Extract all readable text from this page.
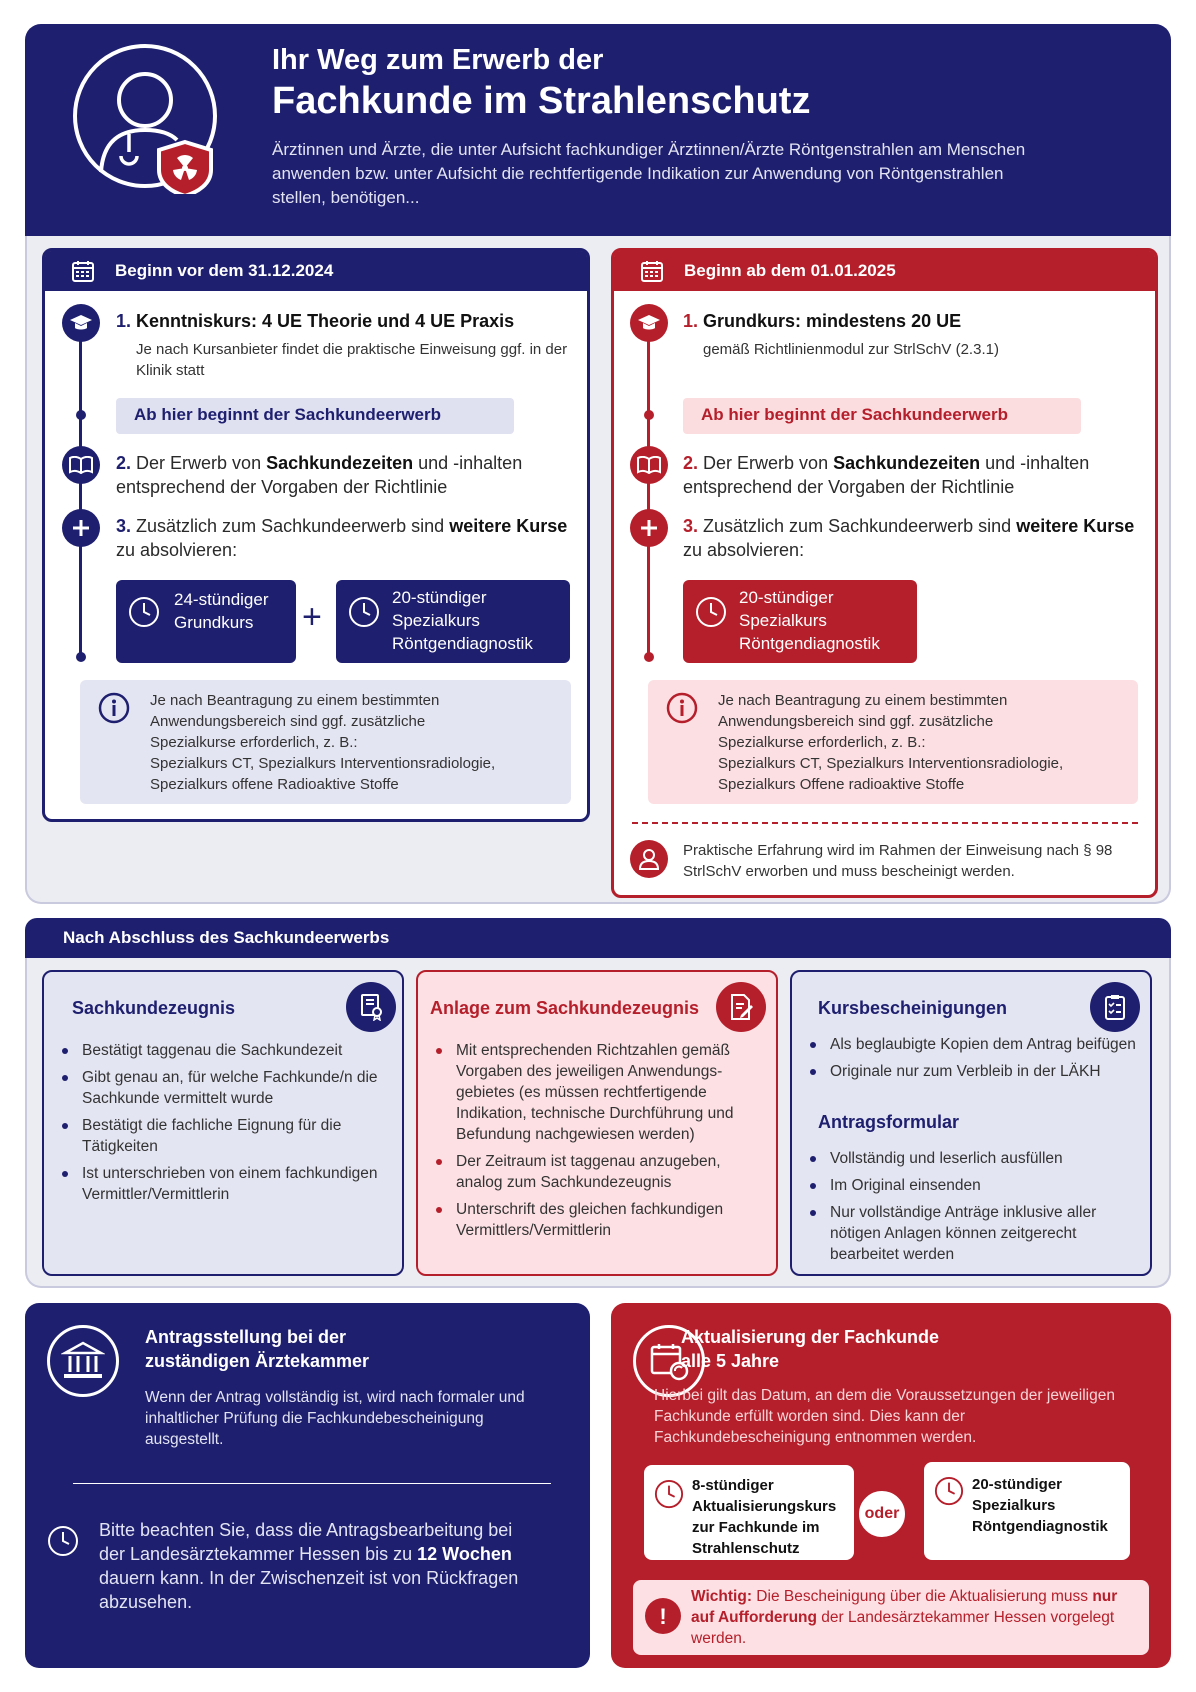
Ihr Weg zum Erwerb der
Fachkunde im Strahlenschutz
Ärztinnen und Ärzte, die unter Aufsicht fachkundiger Ärztinnen/Ärzte Röntgenstrahlen am Menschen anwenden bzw. unter Aufsicht die rechtfertigende Indikation zur Anwendung von Röntgenstrahlen stellen, benötigen...
Beginn vor dem 31.12.2024
1. Kenntniskurs: 4 UE Theorie und 4 UE Praxis
Je nach Kursanbieter findet die praktische Einweisung ggf. in der Klinik statt
Ab hier beginnt der Sachkundeerwerb
2. Der Erwerb von Sachkundezeiten und -inhalten entsprechend der Vorgaben der Richtlinie
3. Zusätzlich zum Sachkundeerwerb sind weitere Kurse zu absolvieren:
24-stündiger Grundkurs	+
20-stündiger Spezialkurs Röntgendiagnostik
Je nach Beantragung zu einem bestimmten
Anwendungsbereich sind ggf. zusätzliche
Spezialkurse erforderlich, z. B.:
Spezialkurs CT, Spezialkurs Interventionsradiologie,
Spezialkurs offene Radioaktive Stoffe
Beginn ab dem 01.01.2025
1. Grundkurs: mindestens 20 UE
gemäß Richtlinienmodul zur StrlSchV (2.3.1)
Ab hier beginnt der Sachkundeerwerb
2. Der Erwerb von Sachkundezeiten und -inhalten entsprechend der Vorgaben der Richtlinie
3. Zusätzlich zum Sachkundeerwerb sind weitere Kurse zu absolvieren:
20-stündiger Spezialkurs Röntgendiagnostik
Je nach Beantragung zu einem bestimmten
Anwendungsbereich sind ggf. zusätzliche
Spezialkurse erforderlich, z. B.:
Spezialkurs CT, Spezialkurs Interventionsradiologie,
Spezialkurs Offene radioaktive Stoffe
Praktische Erfahrung wird im Rahmen der Einweisung nach § 98 StrlSchV erworben und muss bescheinigt werden.
Nach Abschluss des Sachkundeerwerbs
Sachkundezeugnis
Bestätigt taggenau die Sachkundezeit
Gibt genau an, für welche Fachkunde/n die Sachkunde vermittelt wurde
Bestätigt die fachliche Eignung für die Tätigkeiten
Ist unterschrieben von einem fachkundigen Vermittler/Vermittlerin
Anlage zum Sachkundezeugnis
Mit entsprechenden Richtzahlen gemäß Vorgaben des jeweiligen Anwendungs-gebietes (es müssen rechtfertigende Indikation, technische Durchführung und Befundung nachgewiesen werden)
Der Zeitraum ist taggenau anzugeben, analog zum Sachkundezeugnis
Unterschrift des gleichen fachkundigen Vermittlers/Vermittlerin
Kursbescheinigungen
Als beglaubigte Kopien dem Antrag beifügen
Originale nur zum Verbleib in der LÄKH
Antragsformular
Vollständig und leserlich ausfüllen
Im Original einsenden
Nur vollständige Anträge inklusive aller nötigen Anlagen können zeitgerecht bearbeitet werden
Antragsstellung bei der
zuständigen Ärztekammer
Wenn der Antrag vollständig ist, wird nach formaler und inhaltlicher Prüfung die Fachkundebescheinigung ausgestellt.
Bitte beachten Sie, dass die Antragsbearbeitung bei der Landesärztekammer Hessen bis zu 12 Wochen dauern kann. In der Zwischenzeit ist von Rückfragen abzusehen.
Aktualisierung der Fachkunde
alle 5 Jahre
Hierbei gilt das Datum, an dem die Voraussetzungen der jeweiligen Fachkunde erfüllt worden sind. Dies kann der Fachkundebescheinigung entnommen werden.
8-stündiger Aktualisierungskurs zur Fachkunde im Strahlenschutz
oder
20-stündiger Spezialkurs Röntgendiagnostik
!
Wichtig: Die Bescheinigung über die Aktualisierung muss nur auf Aufforderung der Landesärztekammer Hessen vorgelegt werden.
